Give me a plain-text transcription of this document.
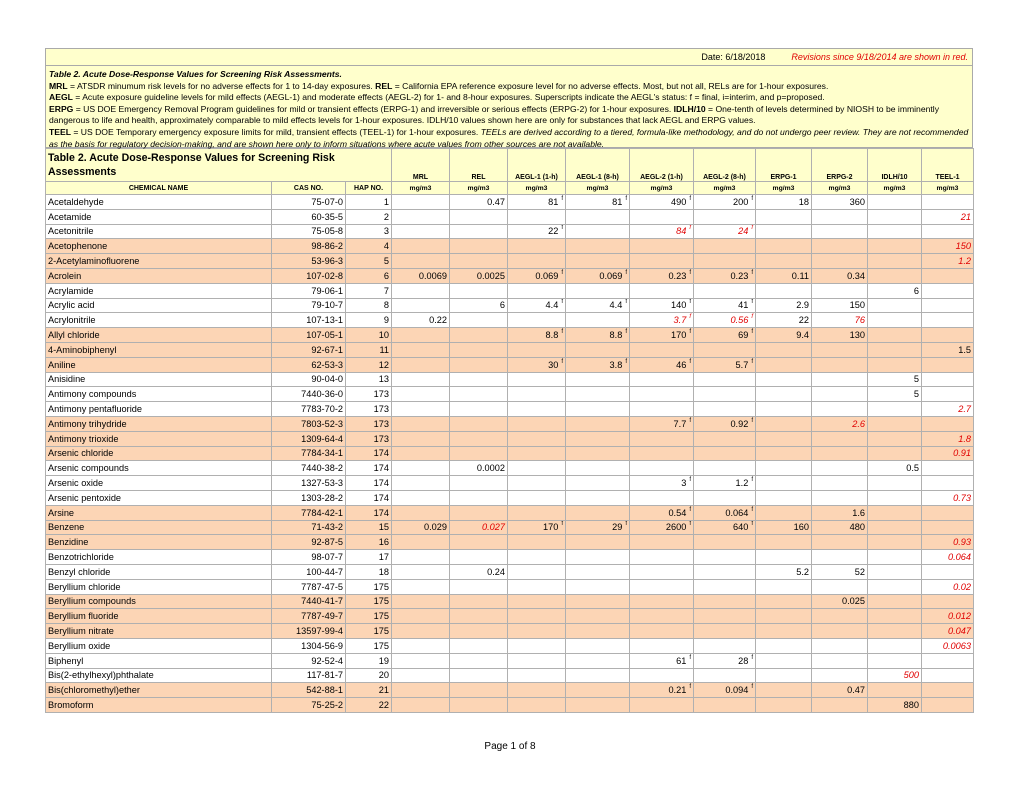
Date: 6/18/2018	Revisions since 9/18/2014 are shown in red.
Table 2. Acute Dose-Response Values for Screening Risk Assessments.
MRL = ATSDR minumum risk levels for no adverse effects for 1 to 14-day exposures. REL = California EPA reference exposure level for no adverse effects. Most, but not all, RELs are for 1-hour exposures.
AEGL = Acute exposure guideline levels for mild effects (AEGL-1) and moderate effects (AEGL-2) for 1- and 8-hour exposures. Superscripts indicate the AEGL's status: f = final, i=interim, and p=proposed.
ERPG = US DOE Emergency Removal Program guidelines for mild or transient effects (ERPG-1) and irreversible or serious effects (ERPG-2) for 1-hour exposures. IDLH/10 = One-tenth of levels determined by NIOSH to be imminently dangerous to life and health, approximately comparable to mild effects levels for 1-hour exposures. IDLH/10 values shown here are only for substances that lack AEGL and ERPG values.
TEEL = US DOE Temporary emergency exposure limits for mild, transient effects (TEEL-1) for 1-hour exposures. TEELs are derived according to a tiered, formula-like methodology, and do not undergo peer review. They are not recommended as the basis for regulatory decision-making, and are shown here only to inform situations where acute values from other sources are not available.
Table 2. Acute Dose-Response Values for Screening Risk Assessments			MRL	REL	AEGL-1 (1-h)	AEGL-1 (8-h)	AEGL-2 (1-h)	AEGL-2 (8-h)	ERPG-1	ERPG-2	IDLH/10	TEEL-1
CHEMICAL NAME	CAS NO.	HAP NO.	mg/m3	mg/m3	mg/m3	mg/m3	mg/m3	mg/m3	mg/m3	mg/m3	mg/m3	mg/m3
Acetaldehyde	75-07-0	1		0.47	81 $^f$	81 $^f$	490 $^f$	200 $^f$	18	360		
Acetamide	60-35-5	2										21
Acetonitrile	75-05-8	3			22 $^f$		84 $^f$	24 $^f$				
Acetophenone	98-86-2	4										150
2-Acetylaminofluorene	53-96-3	5										1.2
Acrolein	107-02-8	6	0.0069	0.0025	0.069 $^f$	0.069 $^f$	0.23 $^f$	0.23 $^f$	0.11	0.34		
Acrylamide	79-06-1	7									6	
Acrylic acid	79-10-7	8		6	4.4 $^f$	4.4 $^f$	140 $^f$	41 $^f$	2.9	150		
Acrylonitrile	107-13-1	9	0.22				3.7 $^f$	0.56 $^f$	22	76		
Allyl chloride	107-05-1	10			8.8 $^f$	8.8 $^f$	170 $^f$	69 $^f$	9.4	130		
4-Aminobiphenyl	92-67-1	11										1.5
Aniline	62-53-3	12			30 $^f$	3.8 $^f$	46 $^f$	5.7 $^f$				
Anisidine	90-04-0	13									5	
Antimony compounds	7440-36-0	173									5	
Antimony pentafluoride	7783-70-2	173										2.7
Antimony trihydride	7803-52-3	173					7.7 $^f$	0.92 $^f$		2.6		
Antimony trioxide	1309-64-4	173										1.8
Arsenic chloride	7784-34-1	174										0.91
Arsenic compounds	7440-38-2	174		0.0002							0.5	
Arsenic oxide	1327-53-3	174					3 $^f$	1.2 $^f$				
Arsenic pentoxide	1303-28-2	174										0.73
Arsine	7784-42-1	174					0.54 $^f$	0.064 $^f$		1.6		
Benzene	71-43-2	15	0.029	0.027	170 $^f$	29 $^f$	2600 $^f$	640 $^f$	160	480		
Benzidine	92-87-5	16										0.93
Benzotrichloride	98-07-7	17										0.064
Benzyl chloride	100-44-7	18		0.24					5.2	52		
Beryllium chloride	7787-47-5	175										0.02
Beryllium compounds	7440-41-7	175								0.025		
Beryllium fluoride	7787-49-7	175										0.012
Beryllium nitrate	13597-99-4	175										0.047
Beryllium oxide	1304-56-9	175										0.0063
Biphenyl	92-52-4	19					61 $^f$	28 $^f$				
Bis(2-ethylhexyl)phthalate	117-81-7	20									500	
Bis(chloromethyl)ether	542-88-1	21					0.21 $^f$	0.094 $^f$		0.47		
Bromoform	75-25-2	22									880	
Page 1 of 8
